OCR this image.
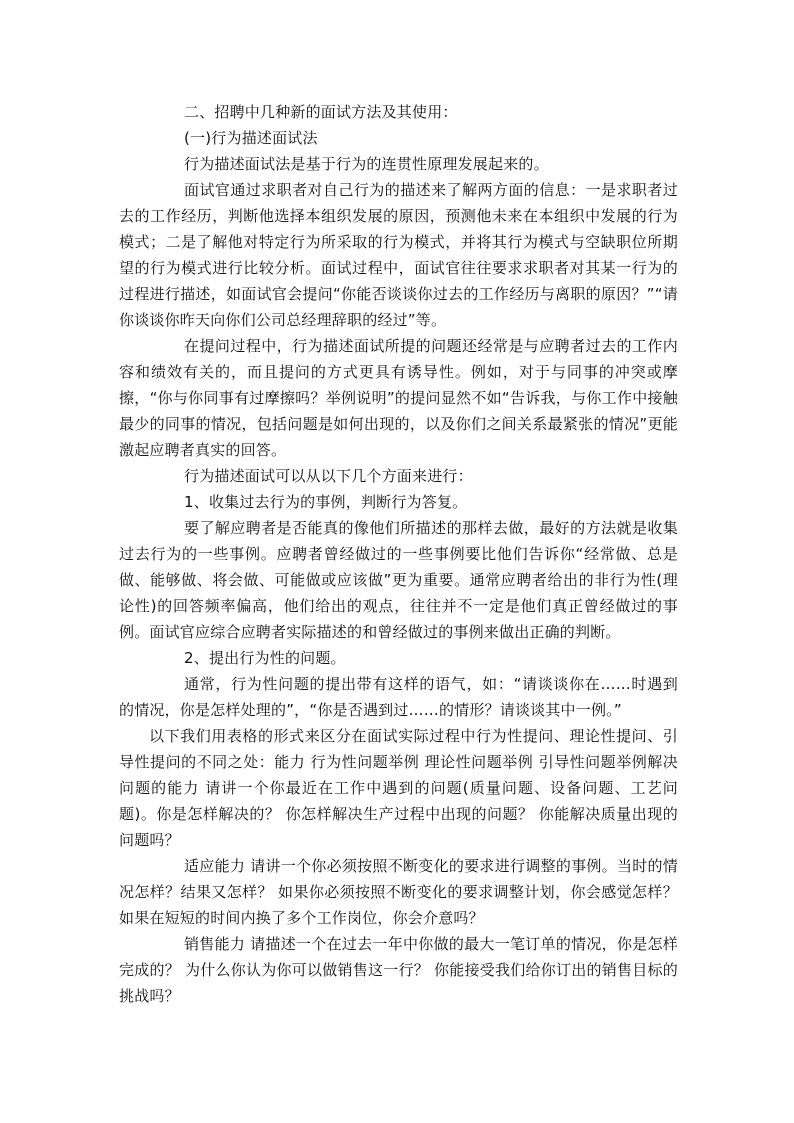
二、招聘中几种新的面试方法及其使用：

(一)行为描述面试法

行为描述面试法是基于行为的连贯性原理发展起来的。

面试官通过求职者对自己行为的描述来了解两方面的信息：一是求职者过去的工作经历，判断他选择本组织发展的原因，预测他未来在本组织中发展的行为模式；二是了解他对特定行为所采取的行为模式，并将其行为模式与空缺职位所期望的行为模式进行比较分析。面试过程中，面试官往往要求求职者对其某一行为的过程进行描述，如面试官会提问“你能否谈谈你过去的工作经历与离职的原因？”“请你谈谈你昨天向你们公司总经理辞职的经过”等。

在提问过程中，行为描述面试所提的问题还经常是与应聘者过去的工作内容和绩效有关的，而且提问的方式更具有诱导性。例如，对于与同事的冲突或摩擦，“你与你同事有过摩擦吗？举例说明”的提问显然不如“告诉我，与你工作中接触最少的同事的情况，包括问题是如何出现的，以及你们之间关系最紧张的情况”更能激起应聘者真实的回答。

行为描述面试可以从以下几个方面来进行：

1、收集过去行为的事例，判断行为答复。

要了解应聘者是否能真的像他们所描述的那样去做，最好的方法就是收集过去行为的一些事例。应聘者曾经做过的一些事例要比他们告诉你“经常做、总是做、能够做、将会做、可能做或应该做”更为重要。通常应聘者给出的非行为性(理论性)的回答频率偏高，他们给出的观点，往往并不一定是他们真正曾经做过的事例。面试官应综合应聘者实际描述的和曾经做过的事例来做出正确的判断。

2、提出行为性的问题。

通常，行为性问题的提出带有这样的语气，如：“请谈谈你在……时遇到的情况，你是怎样处理的”，“你是否遇到过……的情形？请谈谈其中一例。”

以下我们用表格的形式来区分在面试实际过程中行为性提问、理论性提问、引导性提问的不同之处：能力 行为性问题举例 理论性问题举例 引导性问题举例解决问题的能力 请讲一个你最近在工作中遇到的问题(质量问题、设备问题、工艺问题)。你是怎样解决的？ 你怎样解决生产过程中出现的问题？ 你能解决质量出现的问题吗？

适应能力 请讲一个你必须按照不断变化的要求进行调整的事例。当时的情况怎样？结果又怎样？ 如果你必须按照不断变化的要求调整计划，你会感觉怎样？ 如果在短短的时间内换了多个工作岗位，你会介意吗？

销售能力 请描述一个在过去一年中你做的最大一笔订单的情况，你是怎样完成的？ 为什么你认为你可以做销售这一行？ 你能接受我们给你订出的销售目标的挑战吗？
